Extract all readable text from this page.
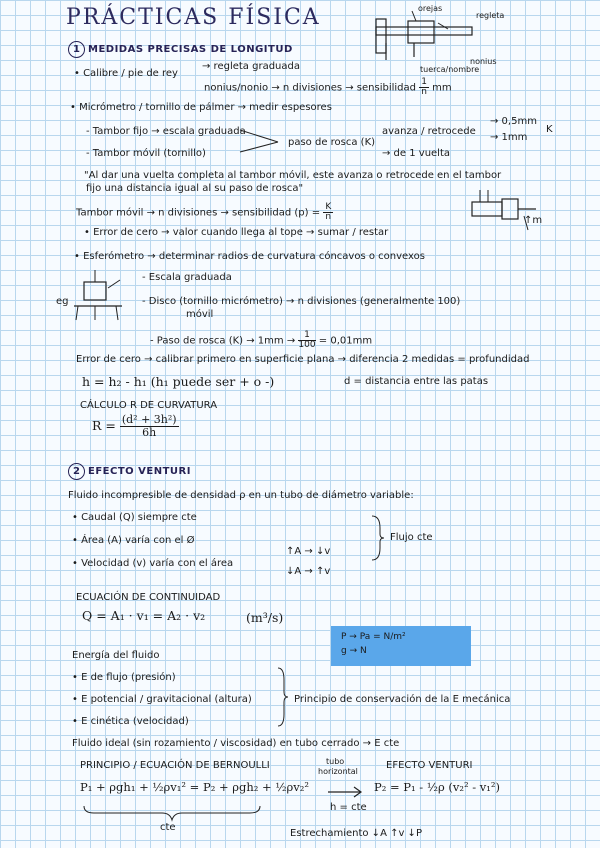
PRÁCTICAS FÍSICA	orejas
regleta
nonius
tuerca/nombre
1 MEDIDAS PRECISAS DE LONGITUD
• Calibre / pie de rey
→ regleta graduada
nonius/nonio → n divisiones → sensibilidad $\frac{1}{n}$ mm
• Micrómetro / tornillo de pálmer → medir espesores
- Tambor fijo → escala graduada
- Tambor móvil (tornillo)
paso de rosca (K)
avanza / retrocede
→ 0,5mm
→ 1mm
K
→ de 1 vuelta
"Al dar una vuelta completa al tambor móvil, este avanza o retrocede en el tambor
fijo una distancia igual al su paso de rosca"
↑m
Tambor móvil → n divisiones → sensibilidad $(p) = \frac{K}{n}$
• Error de cero → valor cuando llega al tope → sumar / restar
• Esferómetro → determinar radios de curvatura cóncavos o convexos
eg
- Escala graduada
- Disco (tornillo micrómetro) → n divisiones (generalmente 100)
móvil
- Paso de rosca $(K) \to 1mm \to \frac{1}{100} = 0,01mm$
Error de cero → calibrar primero en superficie plana → diferencia 2 medidas = profundidad
h = h₂ - h₁ (h₁ puede ser + o -)	d = distancia entre las patas
CÁLCULO R DE CURVATURA
$R = \frac{\text{(d² + 3h²)}}{6h}$
2 EFECTO VENTURI
Fluido incompresible de densidad ρ en un tubo de diámetro variable:
• Caudal (Q) siempre cte
• Área (A) varía con el Ø
• Velocidad (v) varía con el área
↑A → ↓v
↓A → ↑v
Flujo cte
ECUACIÓN DE CONTINUIDAD
Q = A₁ · v₁ = A₂ · v₂	(m³/s)
P → Pa = N/m²
g → N
Energía del fluido
• E de flujo (presión)
• E potencial / gravitacional (altura)
• E cinética (velocidad)
Principio de conservación de la E mecánica
Fluido ideal (sin rozamiento / viscosidad) en tubo cerrado → E cte
PRINCIPIO / ECUACIÓN DE BERNOULLI	tubo
horizontal
EFECTO VENTURI
P₁ + ρgh₁ + ½ρv₁² = P₂ + ρgh₂ + ½ρv₂²	P₂ = P₁ - ½ρ (v₂² - v₁²)
h = cte
cte
Estrechamiento ↓A ↑v ↓P
